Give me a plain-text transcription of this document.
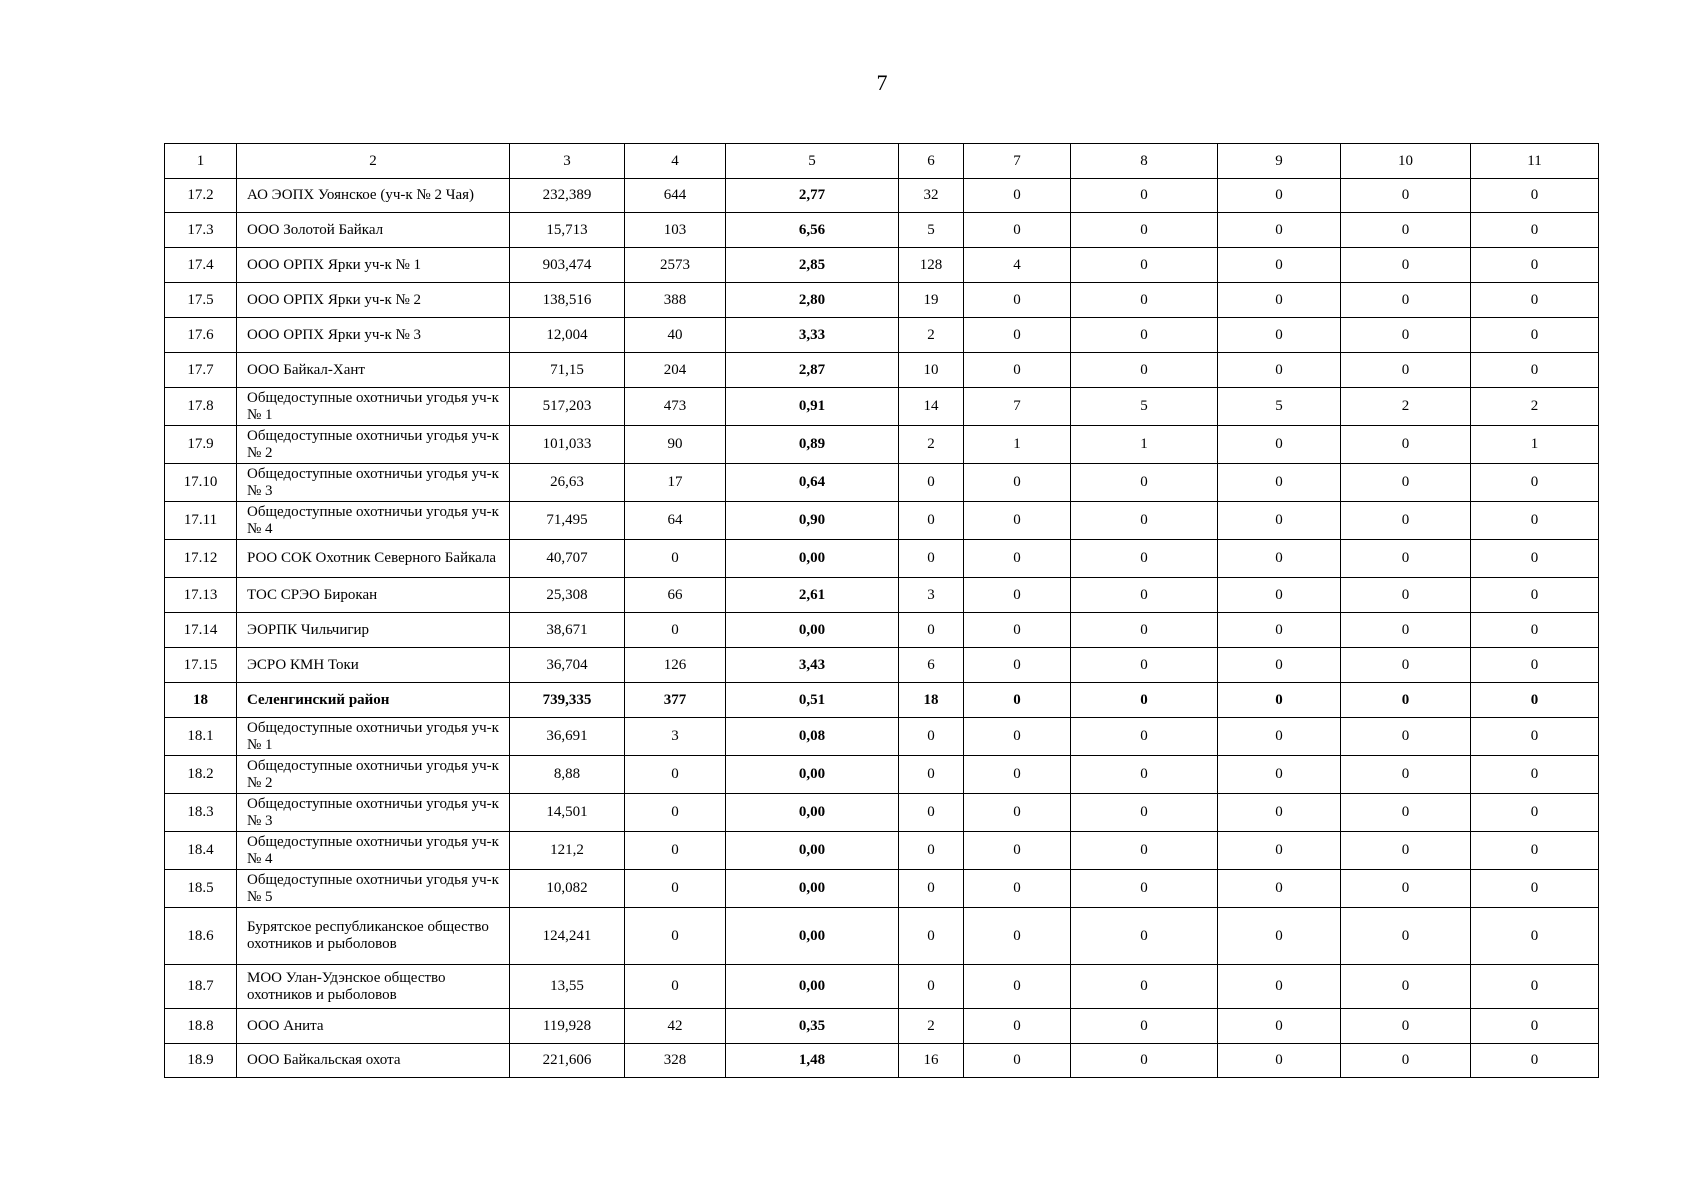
7
1	2	3	4	5	6	7	8	9	10	11
17.2	АО ЭОПХ Уоянское (уч-к № 2 Чая)	232,389	644	2,77	32	0	0	0	0	0
17.3	ООО Золотой Байкал	15,713	103	6,56	5	0	0	0	0	0
17.4	ООО ОРПХ Ярки уч-к № 1	903,474	2573	2,85	128	4	0	0	0	0
17.5	ООО ОРПХ Ярки уч-к № 2	138,516	388	2,80	19	0	0	0	0	0
17.6	ООО ОРПХ Ярки уч-к № 3	12,004	40	3,33	2	0	0	0	0	0
17.7	ООО Байкал-Хант	71,15	204	2,87	10	0	0	0	0	0
17.8	Общедоступные охотничьи угодья уч-к № 1	517,203	473	0,91	14	7	5	5	2	2
17.9	Общедоступные охотничьи угодья уч-к № 2	101,033	90	0,89	2	1	1	0	0	1
17.10	Общедоступные охотничьи угодья уч-к № 3	26,63	17	0,64	0	0	0	0	0	0
17.11	Общедоступные охотничьи угодья уч-к № 4	71,495	64	0,90	0	0	0	0	0	0
17.12	РОО СОК Охотник Северного Байкала	40,707	0	0,00	0	0	0	0	0	0
17.13	ТОС СРЭО Бирокан	25,308	66	2,61	3	0	0	0	0	0
17.14	ЭОРПК Чильчигир	38,671	0	0,00	0	0	0	0	0	0
17.15	ЭСРО КМН Токи	36,704	126	3,43	6	0	0	0	0	0
18	Селенгинский район	739,335	377	0,51	18	0	0	0	0	0
18.1	Общедоступные охотничьи угодья уч-к № 1	36,691	3	0,08	0	0	0	0	0	0
18.2	Общедоступные охотничьи угодья уч-к № 2	8,88	0	0,00	0	0	0	0	0	0
18.3	Общедоступные охотничьи угодья уч-к № 3	14,501	0	0,00	0	0	0	0	0	0
18.4	Общедоступные охотничьи угодья уч-к № 4	121,2	0	0,00	0	0	0	0	0	0
18.5	Общедоступные охотничьи угодья уч-к № 5	10,082	0	0,00	0	0	0	0	0	0
18.6	Бурятское республиканское общество охотников и рыболовов	124,241	0	0,00	0	0	0	0	0	0
18.7	МОО Улан-Удэнское общество охотников и рыболовов	13,55	0	0,00	0	0	0	0	0	0
18.8	ООО Анита	119,928	42	0,35	2	0	0	0	0	0
18.9	ООО Байкальская охота	221,606	328	1,48	16	0	0	0	0	0
